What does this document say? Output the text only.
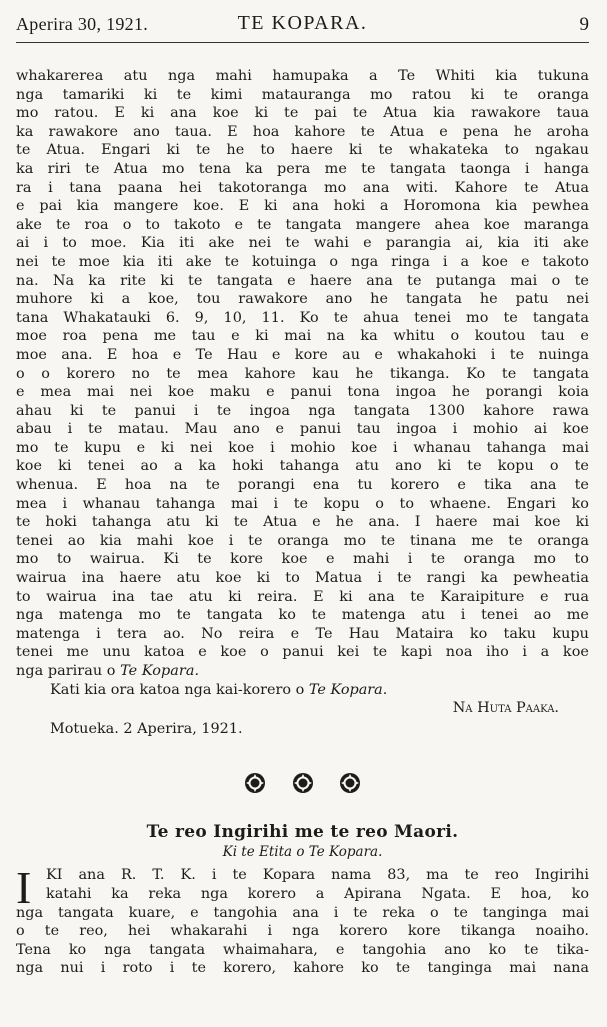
Aperira 30, 1921.	TE KOPARA.	9
whakarerea atu nga mahi hamupaka a Te Whiti kia tukuna
nga tamariki ki te kimi matauranga mo ratou ki te oranga
mo ratou. E ki ana koe ki te pai te Atua kia rawakore taua
ka rawakore ano taua. E hoa kahore te Atua e pena he aroha
te Atua. Engari ki te he to haere ki te whakateka to ngakau
ka riri te Atua mo tena ka pera me te tangata taonga i hanga
ra i tana paana hei takotoranga mo ana witi. Kahore te Atua
e pai kia mangere koe. E ki ana hoki a Horomona kia pewhea
ake te roa o to takoto e te tangata mangere ahea koe maranga
ai i to moe. Kia iti ake nei te wahi e parangia ai, kia iti ake
nei te moe kia iti ake te kotuinga o nga ringa i a koe e takoto
na. Na ka rite ki te tangata e haere ana te putanga mai o te
muhore ki a koe, tou rawakore ano he tangata he patu nei
tana Whakatauki 6. 9, 10, 11. Ko te ahua tenei mo te tangata
moe roa pena me tau e ki mai na ka whitu o koutou tau e
moe ana. E hoa e Te Hau e kore au e whakahoki i te nuinga
o o korero no te mea kahore kau he tikanga. Ko te tangata
e mea mai nei koe maku e panui tona ingoa he porangi koia
ahau ki te panui i te ingoa nga tangata 1300 kahore rawa
abau i te matau. Mau ano e panui tau ingoa i mohio ai koe
mo te kupu e ki nei koe i mohio koe i whanau tahanga mai
koe ki tenei ao a ka hoki tahanga atu ano ki te kopu o te
whenua. E hoa na te porangi ena tu korero e tika ana te
mea i whanau tahanga mai i te kopu o to whaene. Engari ko
te hoki tahanga atu ki te Atua e he ana. I haere mai koe ki
tenei ao kia mahi koe i te oranga mo te tinana me te oranga
mo to wairua. Ki te kore koe e mahi i te oranga mo to
wairua ina haere atu koe ki to Matua i te rangi ka pewheatia
to wairua ina tae atu ki reira. E ki ana te Karaipiture e rua
nga matenga mo te tangata ko te matenga atu i tenei ao me
matenga i tera ao. No reira e Te Hau Mataira ko taku kupu
tenei me unu katoa e koe o panui kei te kapi noa iho i a koe
nga parirau o Te Kopara.
Kati kia ora katoa nga kai-korero o Te Kopara.
Na Huta Paaka.
Motueka. 2 Aperira, 1921.

Te reo Ingirihi me te reo Maori.
Ki te Etita o Te Kopara.
I	KI ana R. T. K. i te Kopara nama 83, ma te reo Ingirihi
katahi ka reka nga korero a Apirana Ngata. E hoa, ko
nga tangata kuare, e tangohia ana i te reka o te tanginga mai
o te reo, hei whakarahi i nga korero kore tikanga noaiho.
Tena ko nga tangata whaimahara, e tangohia ano ko te tika-
nga nui i roto i te korero, kahore ko te tanginga mai nana
